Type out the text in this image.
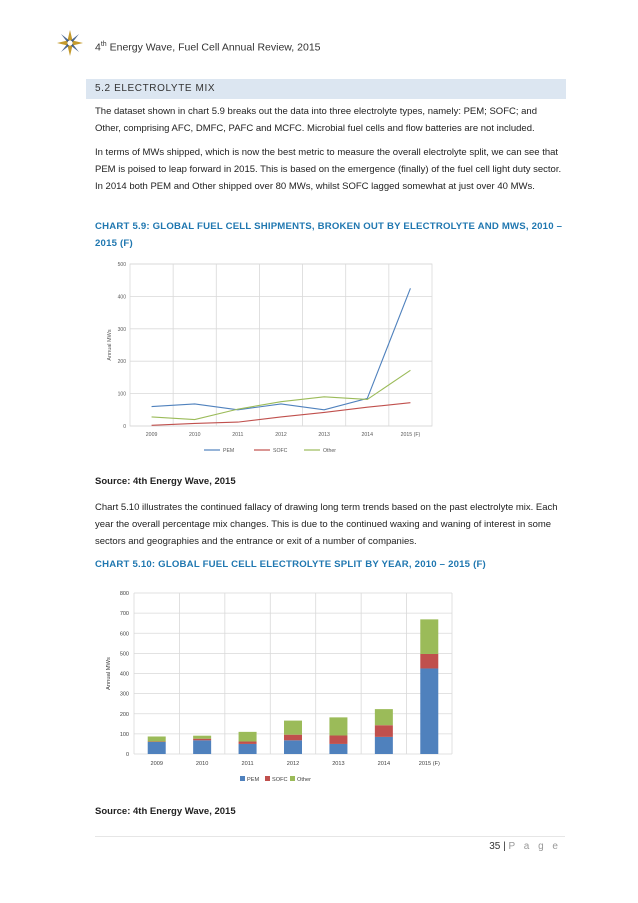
4th Energy Wave, Fuel Cell Annual Review, 2015
5.2 ELECTROLYTE MIX
The dataset shown in chart 5.9 breaks out the data into three electrolyte types, namely: PEM; SOFC; and Other, comprising AFC, DMFC, PAFC and MCFC. Microbial fuel cells and flow batteries are not included.
In terms of MWs shipped, which is now the best metric to measure the overall electrolyte split, we can see that PEM is poised to leap forward in 2015. This is based on the emergence (finally) of the fuel cell light duty sector. In 2014 both PEM and Other shipped over 80 MWs, whilst SOFC lagged somewhat at just over 40 MWs.
CHART 5.9: GLOBAL FUEL CELL SHIPMENTS, BROKEN OUT BY ELECTROLYTE AND MWS, 2010 – 2015 (F)
0
100
200
300
400
500
2009	2010	2011	2012	2013	2014	2015 (F)
Annual MWs
PEM	SOFC	Other
Source: 4th Energy Wave, 2015
Chart 5.10 illustrates the continued fallacy of drawing long term trends based on the past electrolyte mix. Each year the overall percentage mix changes. This is due to the continued waxing and waning of interest in some sectors and geographies and the entrance or exit of a number of companies.
CHART 5.10: GLOBAL FUEL CELL ELECTROLYTE SPLIT BY YEAR, 2010 – 2015 (F)
0
100
200
300
400
500
600
700
800
Annual MWs
2009	2010	2011	2012	2013	2014	2015 (F)
PEM SOFC Other
Source: 4th Energy Wave, 2015
35 | P a g e
